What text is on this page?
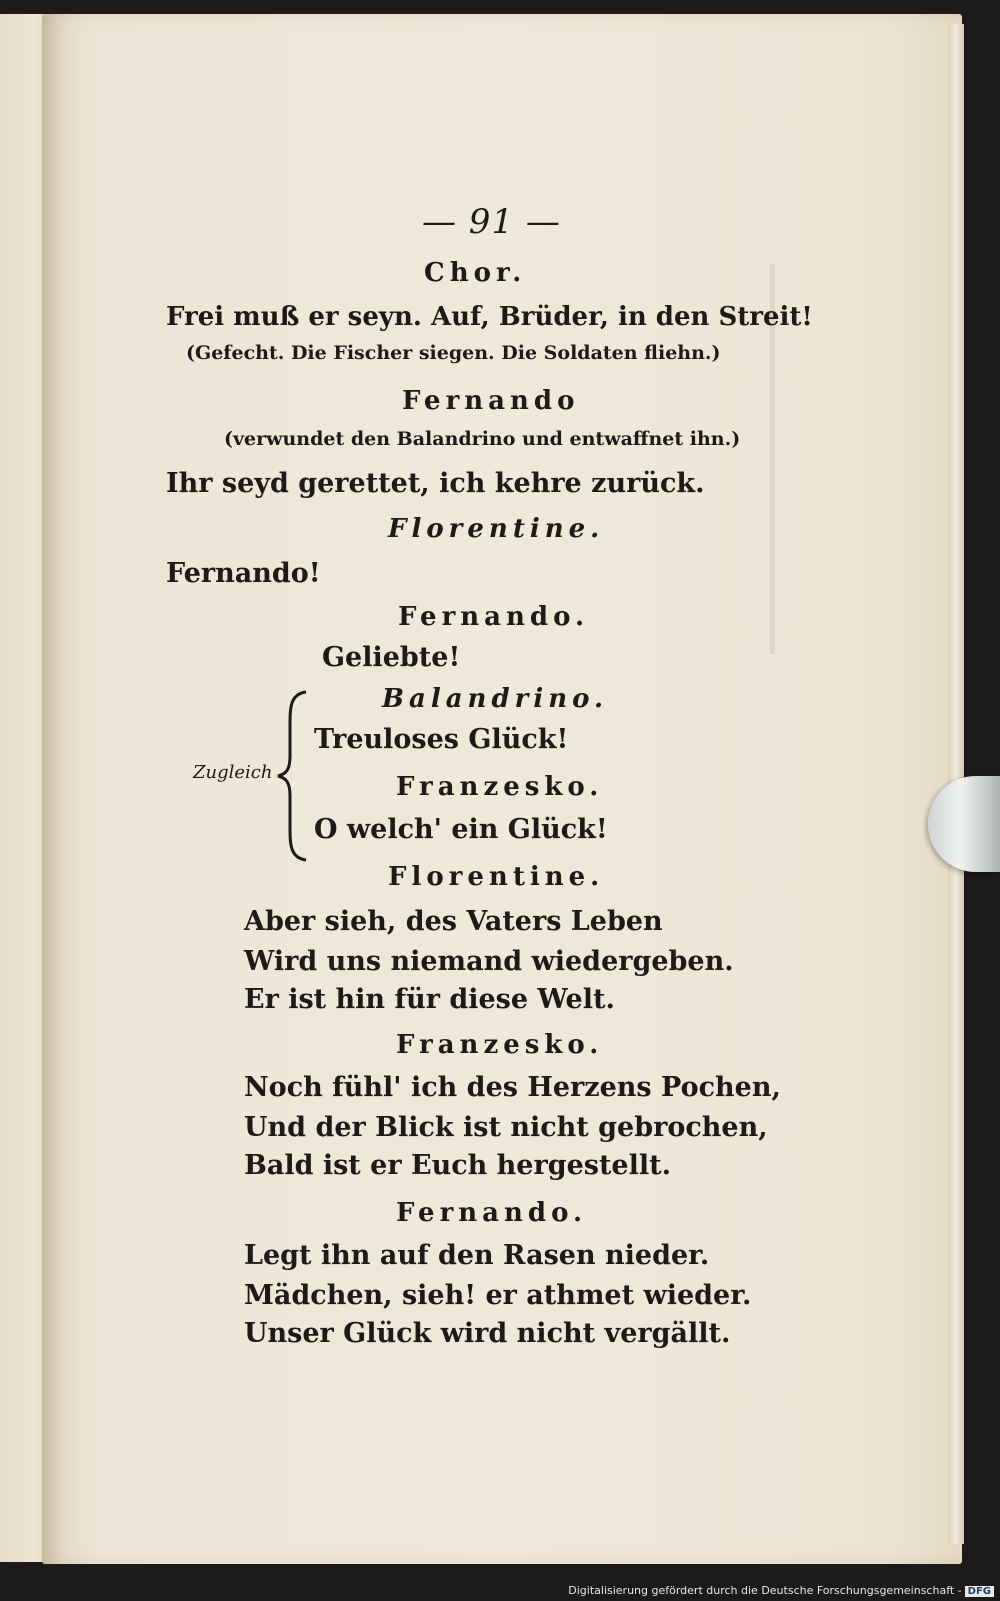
— 91 —
Chor.
Frei muß er seyn. Auf, Brüder, in den Streit!
(Gefecht. Die Fischer siegen. Die Soldaten fliehn.)
Fernando
(verwundet den Balandrino und entwaffnet ihn.)
Ihr seyd gerettet, ich kehre zurück.
Florentine.
Fernando!
Fernando.
Geliebte!
Zugleich
Balandrino.
Treuloses Glück!
Franzesko.
O welch' ein Glück!
Florentine.
Aber sieh, des Vaters Leben
Wird uns niemand wiedergeben.
Er ist hin für diese Welt.
Franzesko.
Noch fühl' ich des Herzens Pochen,
Und der Blick ist nicht gebrochen,
Bald ist er Euch hergestellt.
Fernando.
Legt ihn auf den Rasen nieder.
Mädchen, sieh! er athmet wieder.
Unser Glück wird nicht vergällt.
Digitalisierung gefördert durch die Deutsche Forschungsgemeinschaft - DFG
